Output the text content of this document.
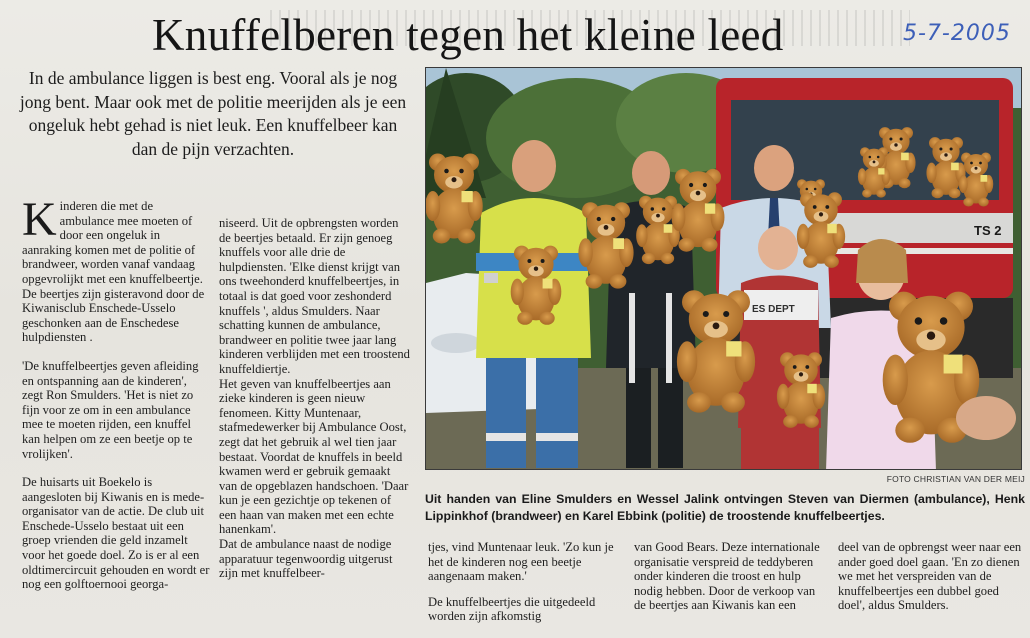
Knuffelberen tegen het kleine leed	5-7-2005
In de ambulance liggen is best eng. Vooral als je nog jong bent. Maar ook met de politie meerijden als je een ongeluk hebt gehad is niet leuk. Een knuffelbeer kan dan de pijn verzachten.

Kinderen die met de ambulance mee moeten of door een ongeluk in aanraking komen met de politie of brandweer, worden vanaf vandaag opgevrolijkt met een knuffelbeertje. De beertjes zijn gisteravond door de Kiwanisclub Enschede-Usselo geschonken aan de Enschedese hulpdiensten .

'De knuffelbeertjes geven afleiding en ontspanning aan de kinderen', zegt Ron Smulders. 'Het is niet zo fijn voor ze om in een ambulance mee te moeten rijden, een knuffel kan helpen om ze een beetje op te vrolijken'.

De huisarts uit Boekelo is aangesloten bij Kiwanis en is mede-organisator van de actie. De club uit Enschede-Usselo bestaat uit een groep vrienden die geld inzamelt voor het goede doel. Zo is er al een oldtimercircuit gehouden en wordt er nog een golftoernooi georga-

niseerd. Uit de opbrengsten worden de beertjes betaald. Er zijn genoeg knuffels voor alle drie de hulpdiensten. 'Elke dienst krijgt van ons tweehonderd knuffelbeertjes, in totaal is dat goed voor zeshonderd knuffels ', aldus Smulders. Naar schatting kunnen de ambulance, brandweer en politie twee jaar lang kinderen verblijden met een troostend knuffeldiertje.

Het geven van knuffelbeertjes aan zieke kinderen is geen nieuw fenomeen. Kitty Muntenaar, stafmedewerker bij Ambulance Oost, zegt dat het gebruik al wel tien jaar bestaat. Voordat de knuffels in beeld kwamen werd er gebruik gemaakt van de opgeblazen handschoen. 'Daar kun je een gezichtje op tekenen of een haan van maken met een echte hanenkam'.

Dat de ambulance naast de nodige apparatuur tegenwoordig uitgerust zijn met knuffelbeer-

TS 2
ES DEPT
FOTO CHRISTIAN VAN DER MEIJ
Uit handen van Eline Smulders en Wessel Jalink ontvingen Steven van Diermen (ambulance), Henk Lippinkhof (brandweer) en Karel Ebbink (politie) de troostende knuffelbeertjes.

tjes, vind Muntenaar leuk. 'Zo kun je het de kinderen nog een beetje aangenaam maken.'

De knuffelbeertjes die uitgedeeld worden zijn afkomstig

van Good Bears. Deze internationale organisatie verspreid de teddyberen onder kinderen die troost en hulp nodig hebben. Door de verkoop van de beertjes aan Kiwanis kan een

deel van de opbrengst weer naar een ander goed doel gaan. 'En zo dienen we met het verspreiden van de knuffelbeertjes een dubbel goed doel', aldus Smulders.
